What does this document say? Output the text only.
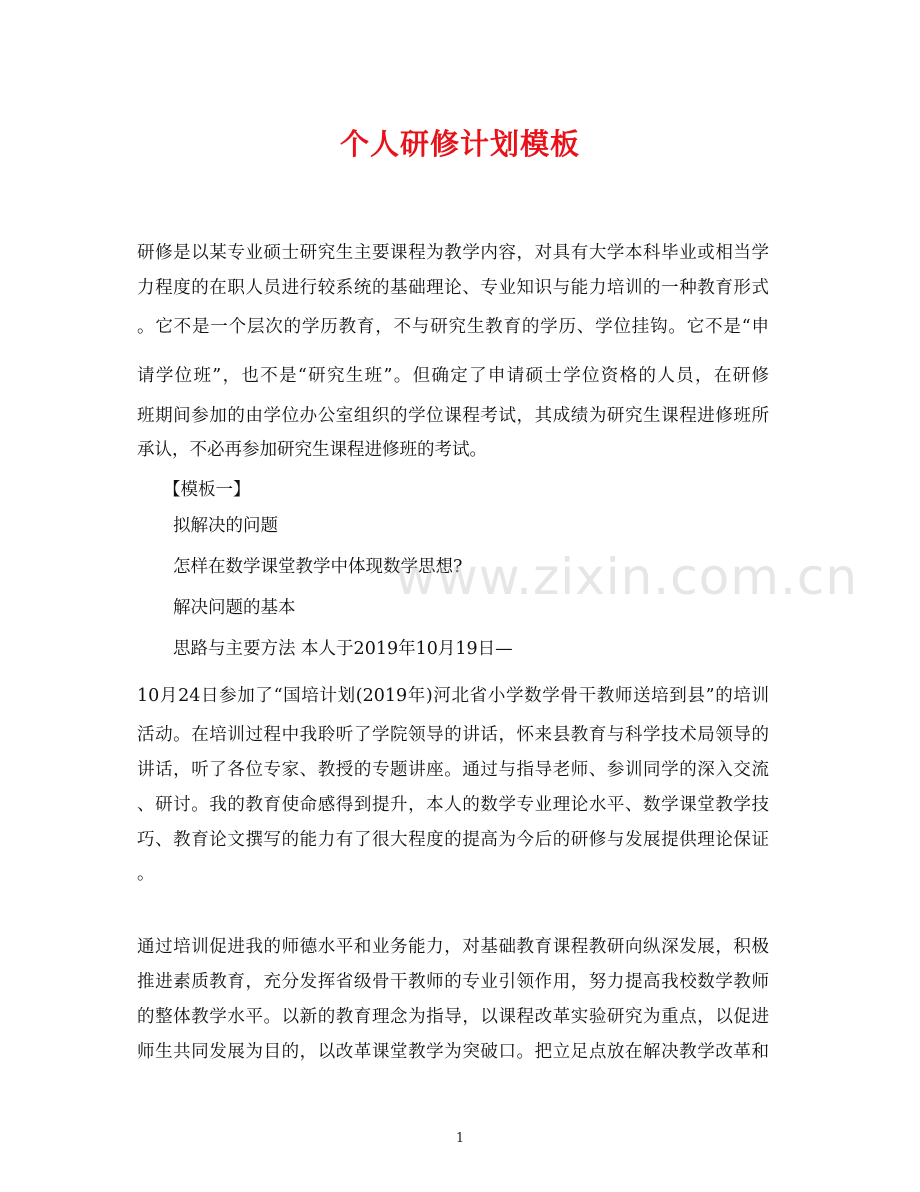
个人研修计划模板

研修是以某专业硕士研究生主要课程为教学内容，对具有大学本科毕业或相当学

力程度的在职人员进行较系统的基础理论、专业知识与能力培训的一种教育形式

。它不是一个层次的学历教育，不与研究生教育的学历、学位挂钩。它不是“申

请学位班”，也不是“研究生班”。但确定了申请硕士学位资格的人员，在研修

班期间参加的由学位办公室组织的学位课程考试，其成绩为研究生课程进修班所

承认，不必再参加研究生课程进修班的考试。

【模板一】

拟解决的问题

怎样在数学课堂教学中体现数学思想?

解决问题的基本

思路与主要方法 本人于2019年10月19日—

10月24日参加了“国培计划(2019年)河北省小学数学骨干教师送培到县”的培训

活动。在培训过程中我聆听了学院领导的讲话，怀来县教育与科学技术局领导的

讲话，听了各位专家、教授的专题讲座。通过与指导老师、参训同学的深入交流

、研讨。我的教育使命感得到提升，本人的数学专业理论水平、数学课堂教学技

巧、教育论文撰写的能力有了很大程度的提高为今后的研修与发展提供理论保证

。

通过培训促进我的师德水平和业务能力，对基础教育课程教研向纵深发展，积极

推进素质教育，充分发挥省级骨干教师的专业引领作用，努力提高我校数学教师

的整体教学水平。以新的教育理念为指导，以课程改革实验研究为重点，以促进

师生共同发展为目的，以改革课堂教学为突破口。把立足点放在解决教学改革和

www.zixin.com.cn
1
